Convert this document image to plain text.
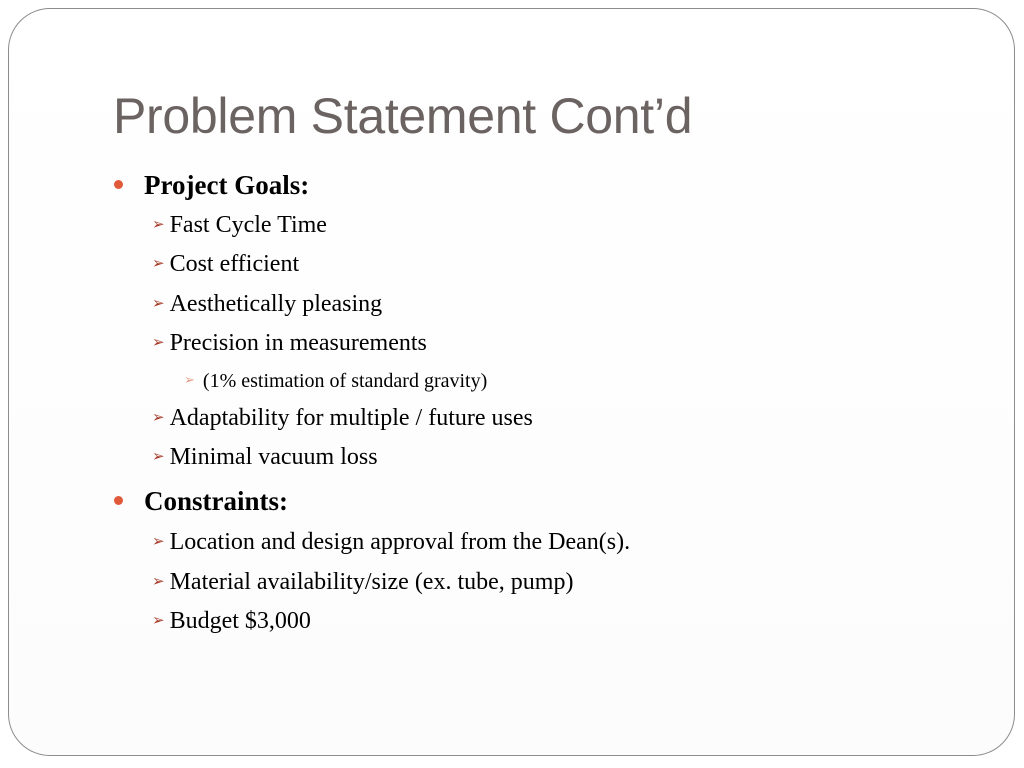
Problem Statement Cont’d
Project Goals:
➢ Fast Cycle Time
➢ Cost efficient
➢ Aesthetically pleasing
➢ Precision in measurements
➢ (1% estimation of standard gravity)
➢ Adaptability for multiple / future uses
➢ Minimal vacuum loss
Constraints:
➢ Location and design approval from the Dean(s).
➢ Material availability/size (ex. tube, pump)
➢ Budget $3,000
